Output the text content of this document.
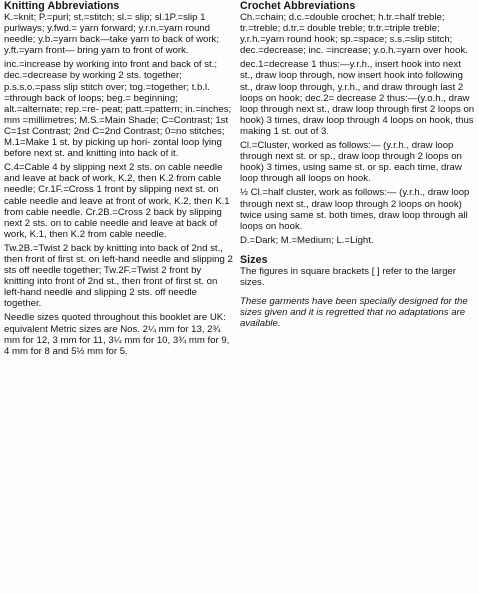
Knitting Abbreviations

K.=knit; P.=purl; st.=stitch; sl.= slip; sl.1P.=slip 1 purlways; y.fwd.= yarn forward; y.r.n.=yarn round needle; y.b.=yarn back—take yarn to back of work; y.ft.=yarn front— bring yarn to front of work.

inc.=increase by working into front and back of st.; dec.=decrease by working 2 sts. together; p.s.s.o.=pass slip stitch over; tog.=together; t.b.l. =through back of loops; beg.= beginning; alt.=alternate; rep.=re- peat; patt.=pattern; in.=inches; mm =millimetres; M.S.=Main Shade; C=Contrast; 1st C=1st Contrast; 2nd C=2nd Contrast; 0=no stitches; M.1=Make 1 st. by picking up hori- zontal loop lying before next st. and knitting into back of it.

C.4=Cable 4 by slipping next 2 sts. on cable needle and leave at back of work, K.2, then K.2 from cable needle; Cr.1F.=Cross 1 front by slipping next st. on cable needle and leave at front of work, K.2, then K.1 from cable needle. Cr.2B.=Cross 2 back by slipping next 2 sts. on to cable needle and leave at back of work, K.1, then K.2 from cable needle.

Tw.2B.=Twist 2 back by knitting into back of 2nd st., then front of first st. on left-hand needle and slipping 2 sts off needle together; Tw.2F.=Twist 2 front by knitting into front of 2nd st., then front of first st. on left-hand needle and slipping 2 sts. off needle together.

Needle sizes quoted throughout this booklet are UK: equivalent Metric sizes are Nos. 2¼ mm for 13, 2¾ mm for 12, 3 mm for 11, 3¼ mm for 10, 3¾ mm for 9, 4 mm for 8 and 5½ mm for 5.

Crochet Abbreviations

Ch.=chain; d.c.=double crochet; h.tr.=half treble; tr.=treble; d.tr.= double treble; tr.tr.=triple treble; y.r.h.=yarn round hook; sp.=space; s.s.=slip stitch; dec.=decrease; inc. =increase; y.o.h.=yarn over hook.

dec.1=decrease 1 thus:—y.r.h., insert hook into next st., draw loop through, now insert hook into following st., draw loop through, y.r.h., and draw through last 2 loops on hook; dec.2= decrease 2 thus:—(y.o.h., draw loop through next st., draw loop through first 2 loops on hook) 3 times, draw loop through 4 loops on hook, thus making 1 st. out of 3.

Cl.=Cluster, worked as follows:— (y.r.h., draw loop through next st. or sp., draw loop through 2 loops on hook) 3 times, using same st. or sp. each time, draw loop through all loops on hook.

½ Cl.=half cluster, work as follows:— (y.r.h., draw loop through next st., draw loop through 2 loops on hook) twice using same st. both times, draw loop through all loops on hook.

D.=Dark; M.=Medium; L.=Light.

Sizes

The figures in square brackets [ ] refer to the larger sizes.

These garments have been specially designed for the sizes given and it is regretted that no adaptations are available.
